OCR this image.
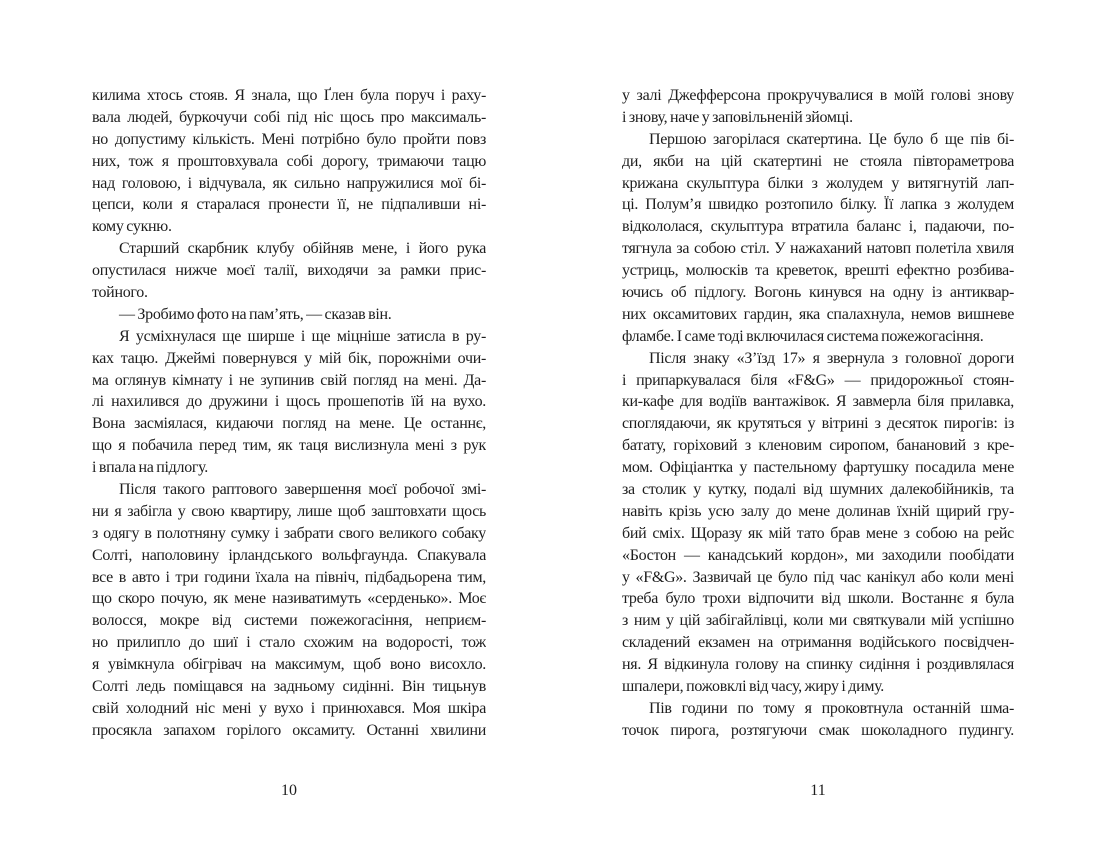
килима хтось стояв. Я знала, що Ґлен була поруч і раху-
вала людей, буркочучи собі під ніс щось про максималь-
но допустиму кількість. Мені потрібно було пройти повз
них, тож я проштовхувала собі дорогу, тримаючи тацю
над головою, і відчувала, як сильно напружилися мої бі-
цепси, коли я старалася пронести її, не підпаливши ні-
кому сукню.
Старший скарбник клубу обійняв мене, і його рука
опустилася нижче моєї талії, виходячи за рамки прис-
тойного.
— Зробимо фото на пам’ять, — сказав він.
Я усміхнулася ще ширше і ще міцніше затисла в ру-
ках тацю. Джеймі повернувся у мій бік, порожніми очи-
ма оглянув кімнату і не зупинив свій погляд на мені. Да-
лі нахилився до дружини і щось прошепотів їй на вухо.
Вона засміялася, кидаючи погляд на мене. Це останнє,
що я побачила перед тим, як таця вислизнула мені з рук
і впала на підлогу.
Після такого раптового завершення моєї робочої змі-
ни я забігла у свою квартиру, лише щоб заштовхати щось
з одягу в полотняну сумку і забрати свого великого собаку
Солті, наполовину ірландського вольфгаунда. Спакувала
все в авто і три години їхала на північ, підбадьорена тим,
що скоро почую, як мене називатимуть «серденько». Моє
волосся, мокре від системи пожежогасіння, неприєм-
но прилипло до шиї і стало схожим на водорості, тож
я увімкнула обігрівач на максимум, щоб воно висохло.
Солті ледь поміщався на задньому сидінні. Він тицьнув
свій холодний ніс мені у вухо і принюхався. Моя шкіра
просякла запахом горілого оксамиту. Останні хвилини
у залі Джефферсона прокручувалися в моїй голові знову
і знову, наче у заповільненій зйомці.
Першою загорілася скатертина. Це було б ще пів бі-
ди, якби на цій скатертині не стояла півтораметрова
крижана скульптура білки з жолудем у витягнутій лап-
ці. Полум’я швидко розтопило білку. Її лапка з жолудем
відкололася, скульптура втратила баланс і, падаючи, по-
тягнула за собою стіл. У нажаханий натовп полетіла хвиля
устриць, молюсків та креветок, врешті ефектно розбива-
ючись об підлогу. Вогонь кинувся на одну із антиквар-
них оксамитових гардин, яка спалахнула, немов вишневе
фламбе. І саме тоді включилася система пожежогасіння.
Після знаку «З’їзд 17» я звернула з головної дороги
і припаркувалася біля «F&G» — придорожньої стоян-
ки-кафе для водіїв вантажівок. Я завмерла біля прилавка,
споглядаючи, як крутяться у вітрині з десяток пирогів: із
батату, горіховий з кленовим сиропом, банановий з кре-
мом. Офіціантка у пастельному фартушку посадила мене
за столик у кутку, подалі від шумних далекобійників, та
навіть крізь усю залу до мене долинав їхній щирий гру-
бий сміх. Щоразу як мій тато брав мене з собою на рейс
«Бостон — канадський кордон», ми заходили пообідати
у «F&G». Зазвичай це було під час канікул або коли мені
треба було трохи відпочити від школи. Востаннє я була
з ним у цій забігайлівці, коли ми святкували мій успішно
складений екзамен на отримання водійського посвідчен-
ня. Я відкинула голову на спинку сидіння і роздивлялася
шпалери, пожовклі від часу, жиру і диму.
Пів години по тому я проковтнула останній шма-
точок пирога, розтягуючи смак шоколадного пудингу.
10	11
